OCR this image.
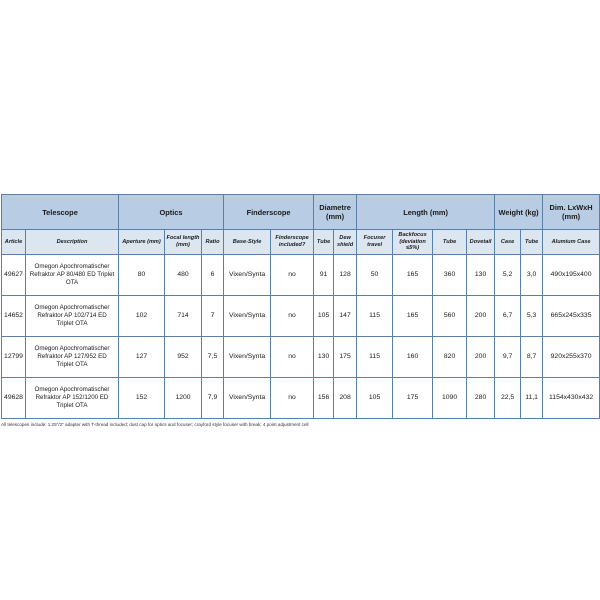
Telescope		Optics			Finderscope		Diametre (mm)		Length (mm)				Weight (kg)		Dim. LxWxH (mm)
Article	Description	Aperture (mm)	Focal length (mm)	Ratio	Base-Style	Finderscope included?	Tube	Dew shield	Focuser travel	Backfocus (deviation ≤5%)	Tube	Dovetail	Case	Tube	Alumium Case
49627	Omegon Apochromatischer Refraktor AP 80/480 ED Triplet OTA	80	480	6	Vixen/Synta	no	91	128	50	165	360	130	5,2	3,0	490x195x400
14652	Omegon Apochromatischer Refraktor AP 102/714 ED Triplet OTA	102	714	7	Vixen/Synta	no	105	147	115	165	560	200	6,7	5,3	665x245x335
12799	Omegon Apochromatischer Refraktor AP 127/952 ED Triplet OTA	127	952	7,5	Vixen/Synta	no	130	175	115	160	820	200	9,7	8,7	920x255x370
49628	Omegon Apochromatischer Refraktor AP 152/1200 ED Triplet OTA	152	1200	7,9	Vixen/Synta	no	156	208	105	175	1090	280	22,5	11,1	1154x430x432
All telescopes include: 1.25"/2" adapter with T-thread included; dust cap for optics and focuser; crayford style focuser with break; 4 point adjustment cell
